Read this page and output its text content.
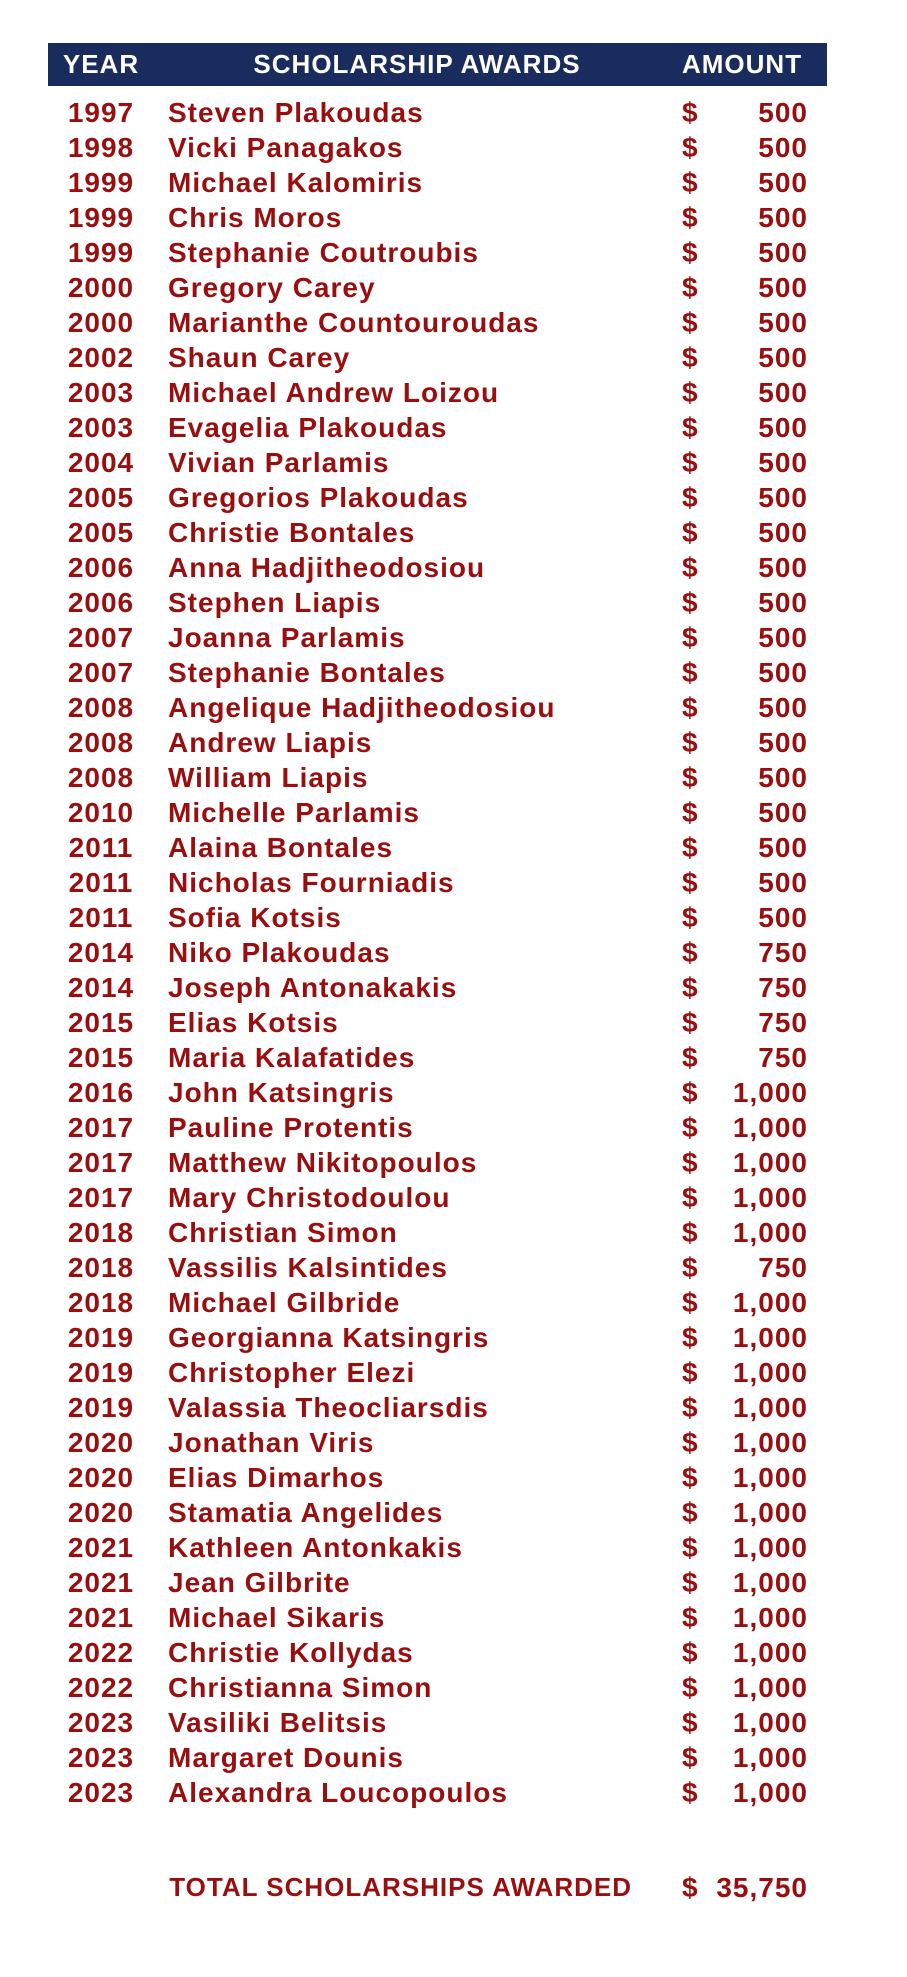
YEAR	SCHOLARSHIP AWARDS	AMOUNT
1997	Steven Plakoudas	$ 500
1998	Vicki Panagakos	$ 500
1999	Michael Kalomiris	$ 500
1999	Chris Moros	$ 500
1999	Stephanie Coutroubis	$ 500
2000	Gregory Carey	$ 500
2000	Marianthe Countouroudas	$ 500
2002	Shaun Carey	$ 500
2003	Michael Andrew Loizou	$ 500
2003	Evagelia Plakoudas	$ 500
2004	Vivian Parlamis	$ 500
2005	Gregorios Plakoudas	$ 500
2005	Christie Bontales	$ 500
2006	Anna Hadjitheodosiou	$ 500
2006	Stephen Liapis	$ 500
2007	Joanna Parlamis	$ 500
2007	Stephanie Bontales	$ 500
2008	Angelique Hadjitheodosiou	$ 500
2008	Andrew Liapis	$ 500
2008	William Liapis	$ 500
2010	Michelle Parlamis	$ 500
2011	Alaina Bontales	$ 500
2011	Nicholas Fourniadis	$ 500
2011	Sofia Kotsis	$ 500
2014	Niko Plakoudas	$ 750
2014	Joseph Antonakakis	$ 750
2015	Elias Kotsis	$ 750
2015	Maria Kalafatides	$ 750
2016	John Katsingris	$ 1,000
2017	Pauline Protentis	$ 1,000
2017	Matthew Nikitopoulos	$ 1,000
2017	Mary Christodoulou	$ 1,000
2018	Christian Simon	$ 1,000
2018	Vassilis Kalsintides	$ 750
2018	Michael Gilbride	$ 1,000
2019	Georgianna Katsingris	$ 1,000
2019	Christopher Elezi	$ 1,000
2019	Valassia Theocliarsdis	$ 1,000
2020	Jonathan Viris	$ 1,000
2020	Elias Dimarhos	$ 1,000
2020	Stamatia Angelides	$ 1,000
2021	Kathleen Antonkakis	$ 1,000
2021	Jean Gilbrite	$ 1,000
2021	Michael Sikaris	$ 1,000
2022	Christie Kollydas	$ 1,000
2022	Christianna Simon	$ 1,000
2023	Vasiliki Belitsis	$ 1,000
2023	Margaret Dounis	$ 1,000
2023	Alexandra Loucopoulos	$ 1,000
TOTAL SCHOLARSHIPS AWARDED $ 35,750
